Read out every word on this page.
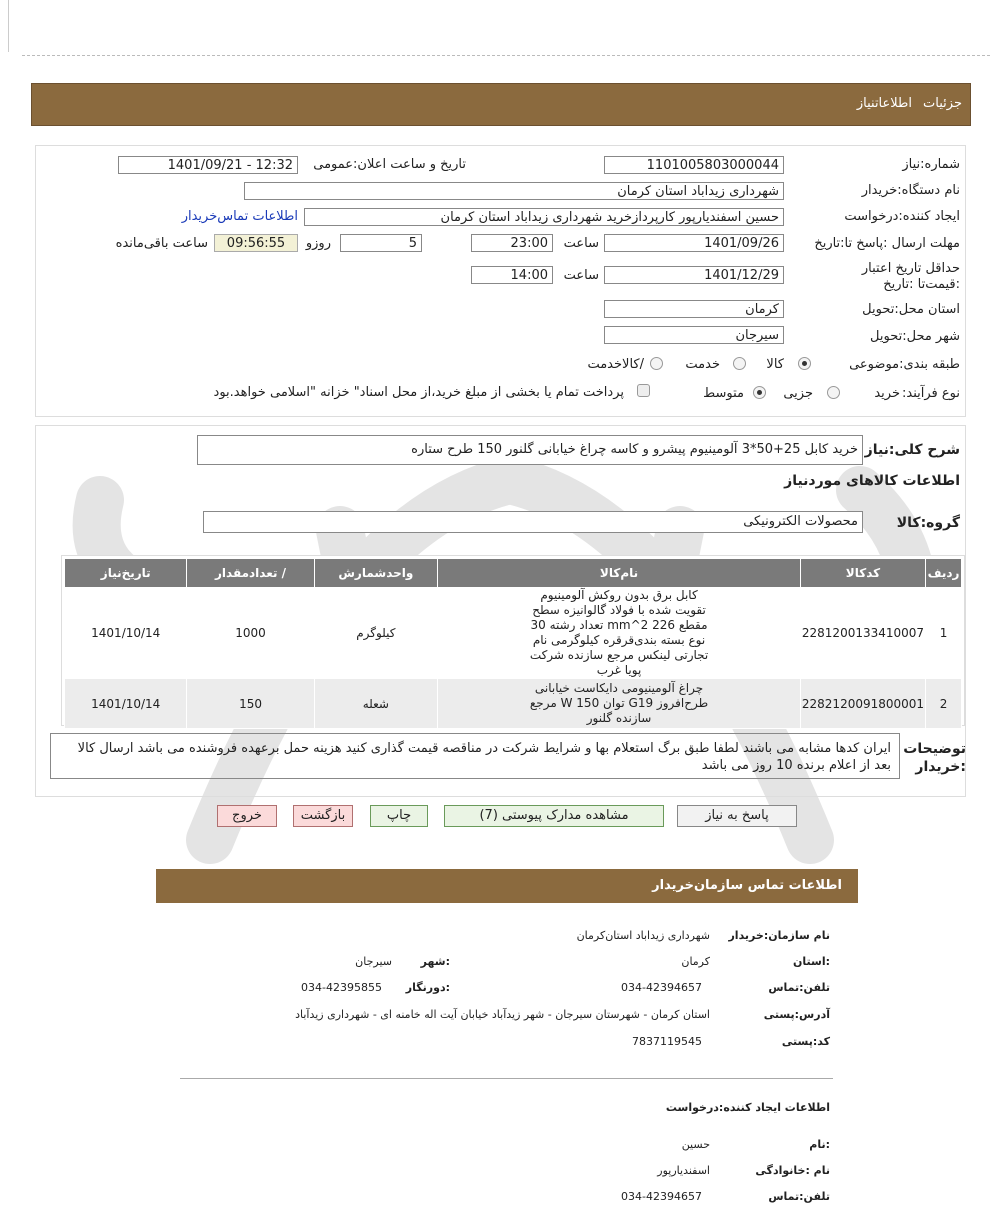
جزئیات
اطلاعاتنیاز
شماره:نیاز
1101005803000044
تاریخ و ساعت اعلان:عمومی
1401/09/21 - 12:32
نام دستگاه:خریدار
شهرداری زیداباد استان کرمان
ایجاد کننده:درخواست
حسین اسفندیارپور کارپردازخرید شهرداری زیداباد استان کرمان
اطلاعات تماس‌خریدار
مهلت ارسال :پاسخ تا:تاریخ
1401/09/26
ساعت
23:00
5
روزو
09:56:55
ساعت باقی‌مانده
حداقل تاریخ اعتبار :قیمت‌تا :تاریخ
1401/12/29
ساعت
14:00
استان محل:تحویل
کرمان
شهر محل:تحویل
سیرجان
طبقه بندی:موضوعی
کالا
خدمت
/کالاخدمت
نوع فرآیند:
خرید
جزیی
متوسط
پرداخت تمام یا بخشی از مبلغ خرید،از محل اسناد" خزانه "اسلامی خواهد.بود
شرح کلی:نیاز
خرید کابل 25+50*3 آلومینیوم پیشرو و کاسه چراغ خیابانی گلنور 150 طرح ستاره
اطلاعات کالاهای موردنیاز
گروه:کالا
محصولات الکترونیکی
ردیف	کدکالا	نام‌کالا	واحدشمارش	/ تعدادمقدار	تاریخ‌نیاز
1	2281200133410007	کابل برق بدون روکش آلومینیوم تقویت شده با فولاد گالوانیزه سطح مقطع 226 mm^2 تعداد رشته 30 نوع بسته بندی‌قرقره کیلوگرمی نام تجارتی لینکس مرجع سازنده شرکت پویا غرب	کیلوگرم	1000	1401/10/14
2	2282120091800001	چراغ آلومینیومی دایکاست خیابانی طرح‌افروز G19 توان 150 W مرجع سازنده گلنور	شعله	150	1401/10/14
توضیحات :خریدار
ایران کدها مشابه می باشند لطفا طبق برگ استعلام بها و شرایط شرکت در مناقصه قیمت گذاری کنید هزینه حمل برعهده فروشنده می باشد ارسال کالا بعد از اعلام برنده 10 روز می باشد
پاسخ به نیاز
مشاهده مدارک پیوستی (7)
چاپ
بازگشت
خروج
اطلاعات تماس سازمان‌خریدار
نام سازمان:خریدار
شهرداری زیداباد استان‌کرمان
:استان
کرمان
:شهر
سیرجان
تلفن:تماس
034-42394657
:دورنگار
034-42395855
آدرس:پستی
استان کرمان - شهرستان سیرجان - شهر زیدآباد خیابان آیت اله خامنه ای - شهرداری زیدآباد
کد:پستی
7837119545
اطلاعات ایجاد کننده:درخواست
:نام
حسین
نام :خانوادگی
اسفندیارپور
تلفن:تماس
034-42394657
